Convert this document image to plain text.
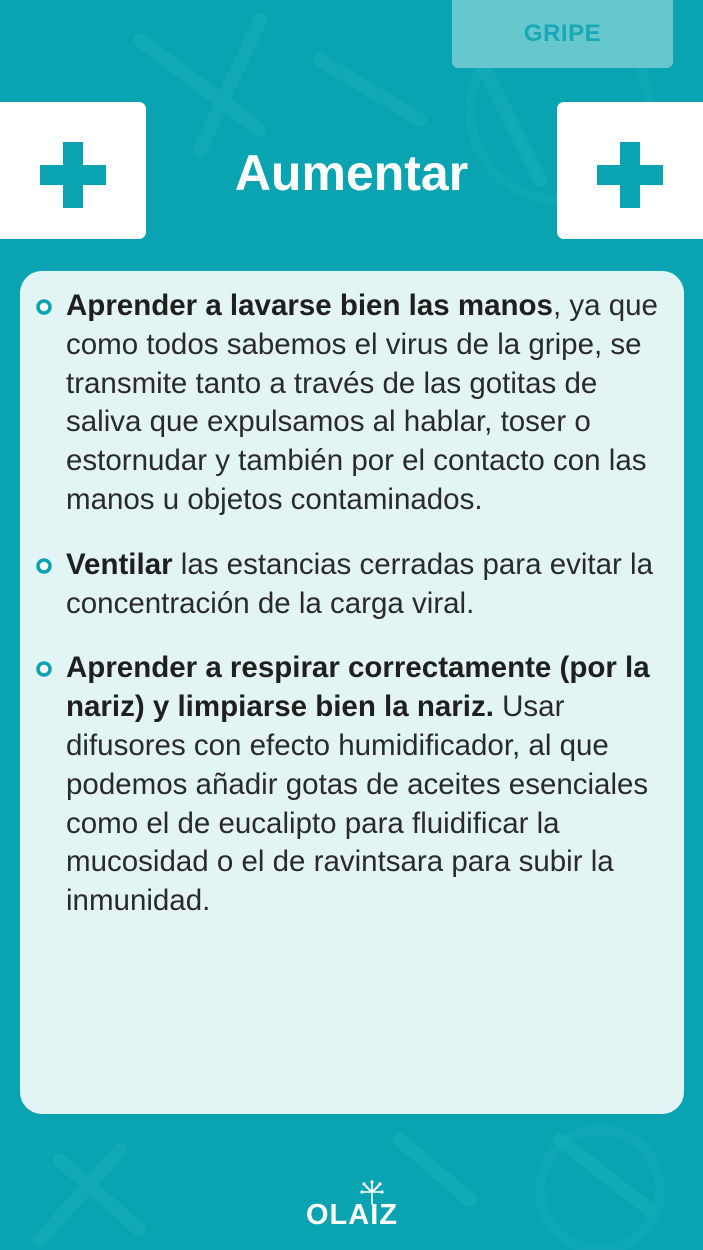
GRIPE
Aumentar
Aprender a lavarse bien las manos, ya que como todos sabemos el virus de la gripe, se transmite tanto a través de las gotitas de saliva que expulsamos al hablar, toser o estornudar y también por el contacto con las manos u objetos contaminados.
Ventilar las estancias cerradas para evitar la concentración de la carga viral.
Aprender a respirar correctamente (por la nariz) y limpiarse bien la nariz. Usar difusores con efecto humidificador, al que podemos añadir gotas de aceites esenciales como el de eucalipto para fluidificar la mucosidad o el de ravintsara para subir la inmunidad.
OLAIZ
